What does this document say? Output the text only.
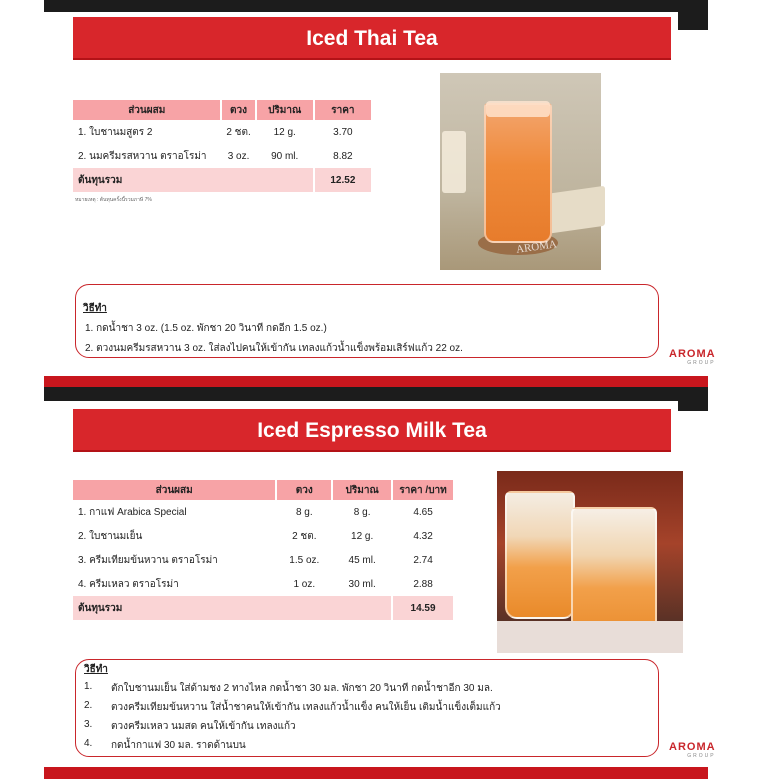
Iced Thai Tea
ส่วนผสม	ตวง	ปริมาณ	ราคา
1. ใบชานมสูตร 2	2 ชต.	12 g.	3.70
2. นมครีมรสหวาน ตราอโรม่า	3 oz.	90 ml.	8.82
ต้นทุนรวม			12.52
หมายเหตุ : ต้นทุนครั้งนี้รวมภาษี 7%
AROMA
วิธีทำ
1. กดน้ำชา 3 oz. (1.5 oz. พักชา 20 วินาที กดอีก 1.5 oz.)
2. ตวงนมครีมรสหวาน 3 oz. ใส่ลงไปคนให้เข้ากัน เทลงแก้วน้ำแข็งพร้อมเสิร์ฟแก้ว 22 oz.	AROMA
GROUP
Iced Espresso Milk Tea
ส่วนผสม	ตวง	ปริมาณ	ราคา /บาท
1. กาแฟ Arabica Special	8 g.	8 g.	4.65
2. ใบชานมเย็น	2 ชต.	12 g.	4.32
3. ครีมเทียมข้นหวาน ตราอโรม่า	1.5 oz.	45 ml.	2.74
4. ครีมเหลว ตราอโรม่า	1 oz.	30 ml.	2.88
ต้นทุนรวม			14.59
วิธีทำ
1. ตักใบชานมเย็น ใส่ด้ามชง 2 ทางไหล กดน้ำชา 30 มล. พักชา 20 วินาที กดน้ำชาอีก 30 มล.
2. ตวงครีมเทียมข้นหวาน ใส่น้ำชาคนให้เข้ากัน เทลงแก้วน้ำแข็ง คนให้เย็น เติมน้ำแข็งเต็มแก้ว
3. ตวงครีมเหลว นมสด คนให้เข้ากัน เทลงแก้ว
4. กดน้ำกาแฟ 30 มล. ราดด้านบน	AROMA
GROUP
